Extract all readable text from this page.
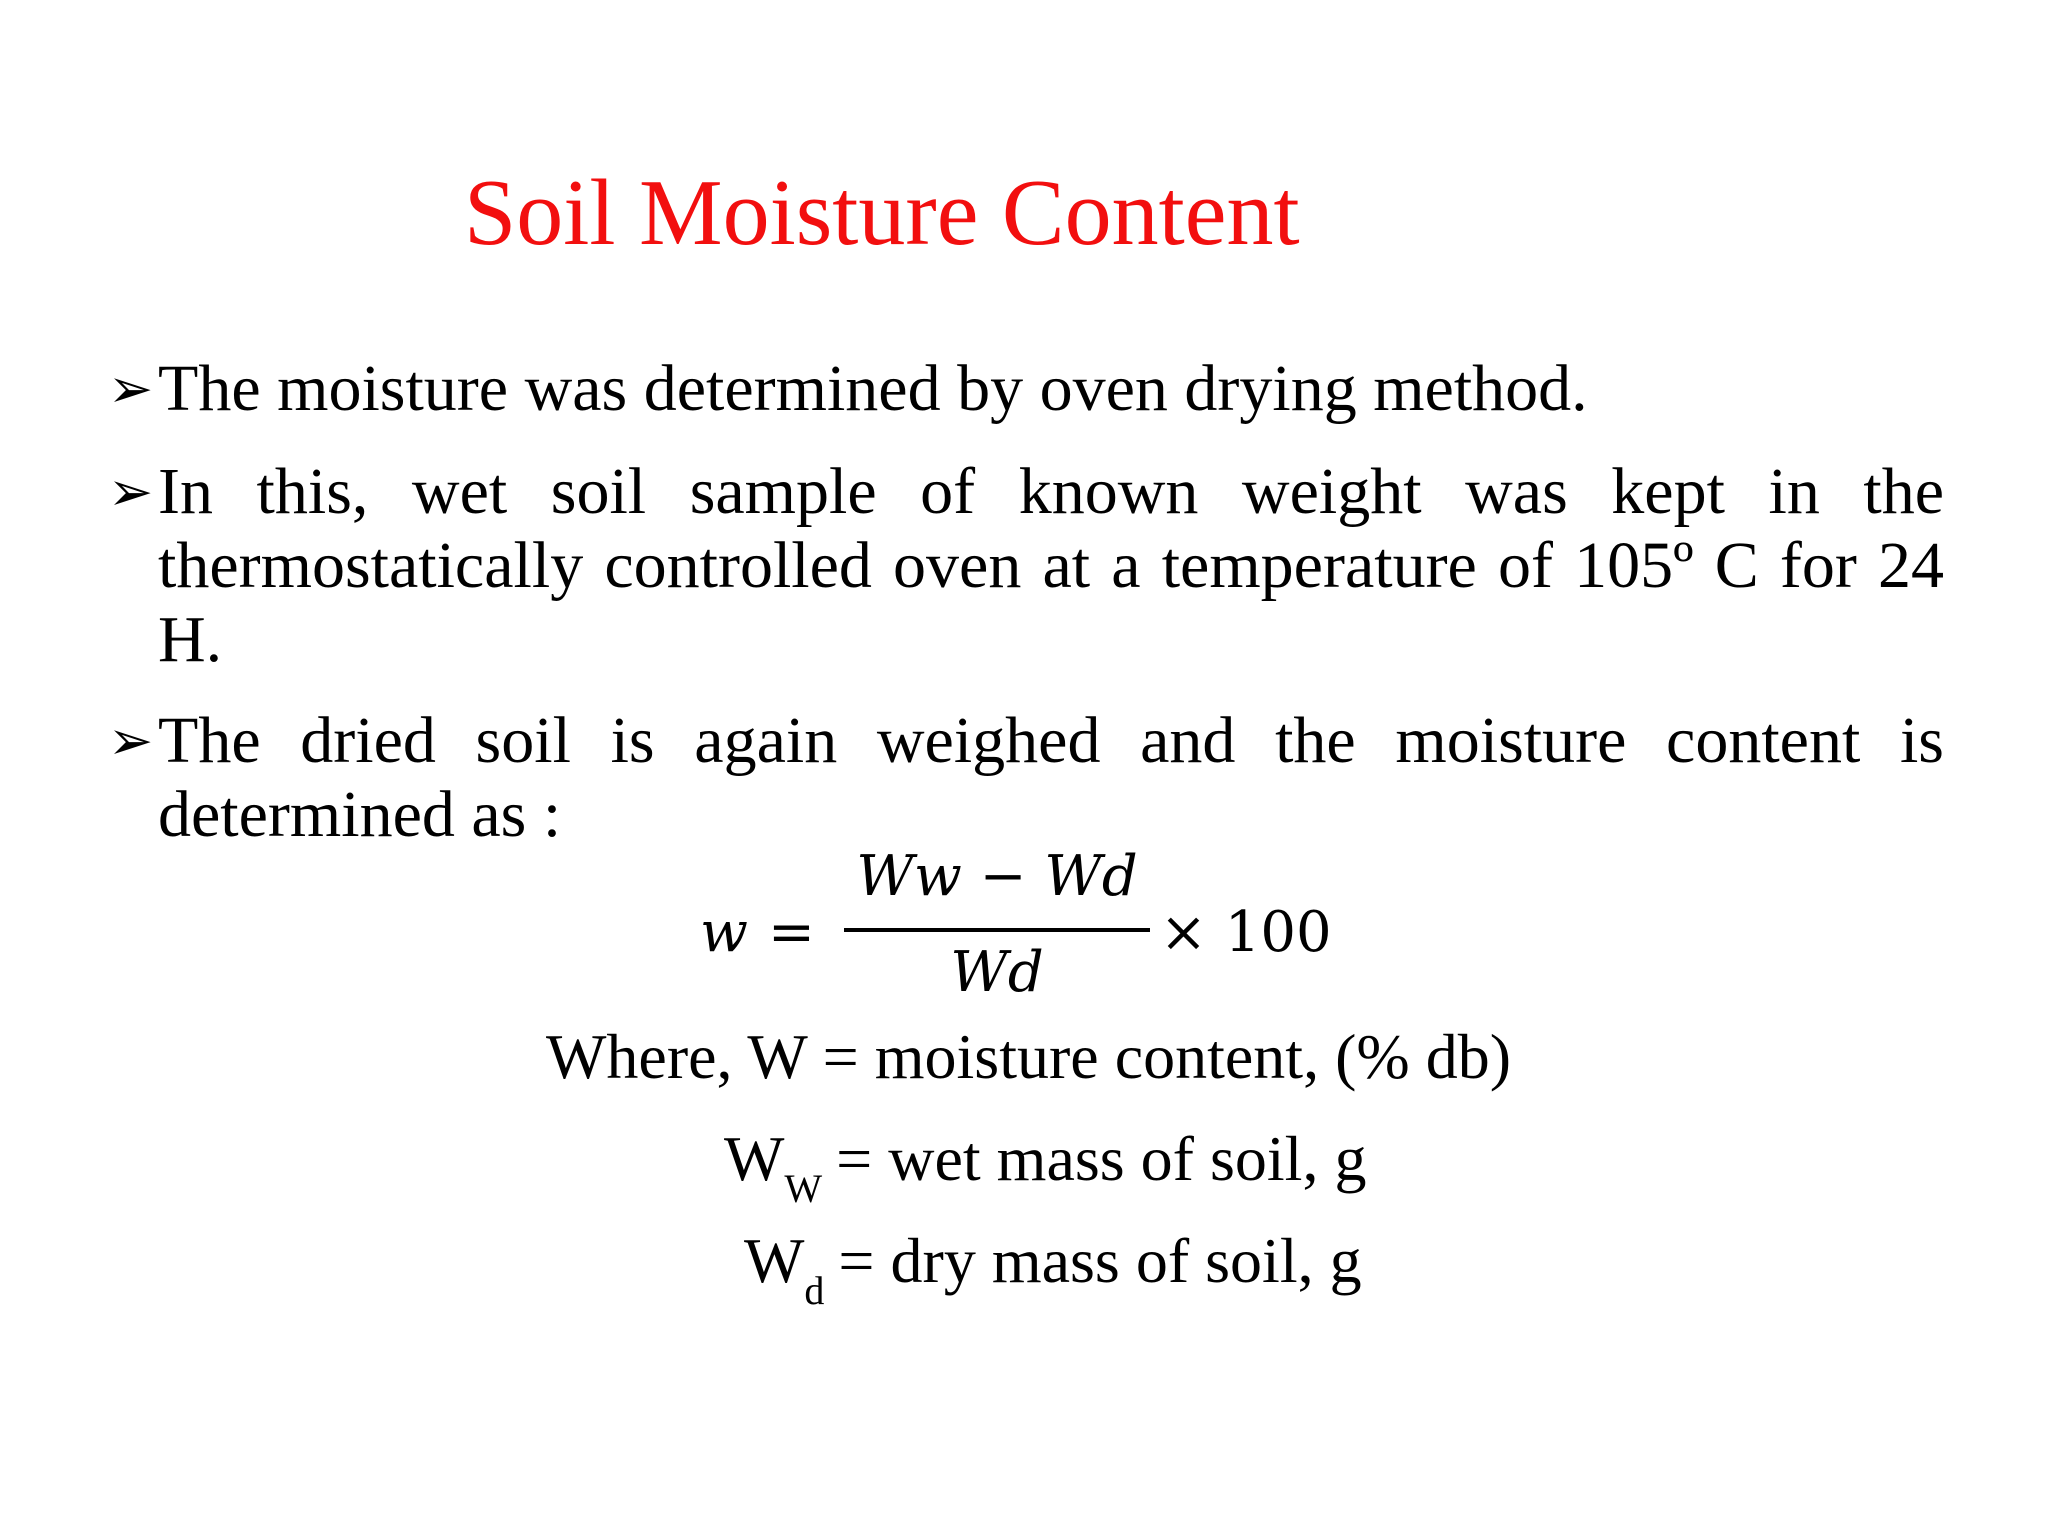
Soil Moisture Content
➢ The moisture was determined by oven drying method.
➢ In this, wet soil sample of known weight was kept in the thermostatically controlled oven at a temperature of 105º C for 24 H.
➢ The dried soil is again weighed and the moisture content is determined as :
w =
Ww − Wd
Wd
× 100
Where, W = moisture content, (% db)
$W_W$ = wet mass of soil, g
$W_d$ = dry mass of soil, g
